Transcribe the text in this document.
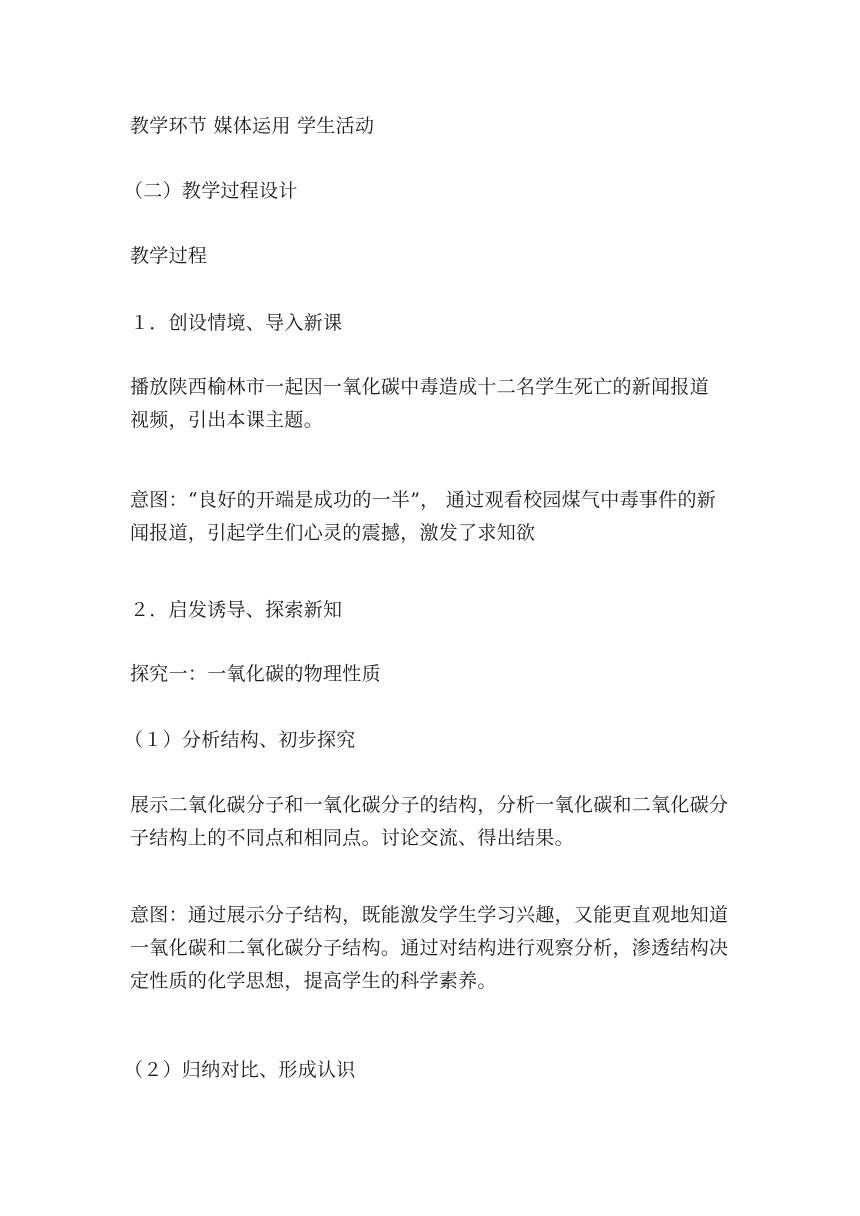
教学环节 媒体运用 学生活动
（二）教学过程设计
教学过程
１．创设情境、导入新课
播放陕西榆林市一起因一氧化碳中毒造成十二名学生死亡的新闻报道
视频，引出本课主题。
意图：“良好的开端是成功的一半”， 通过观看校园煤气中毒事件的新
闻报道，引起学生们心灵的震撼，激发了求知欲
２．启发诱导、探索新知
探究一：一氧化碳的物理性质
（１）分析结构、初步探究
展示二氧化碳分子和一氧化碳分子的结构，分析一氧化碳和二氧化碳分
子结构上的不同点和相同点。讨论交流、得出结果。
意图：通过展示分子结构，既能激发学生学习兴趣，又能更直观地知道
一氧化碳和二氧化碳分子结构。通过对结构进行观察分析，渗透结构决
定性质的化学思想，提高学生的科学素养。
（２）归纳对比、形成认识
